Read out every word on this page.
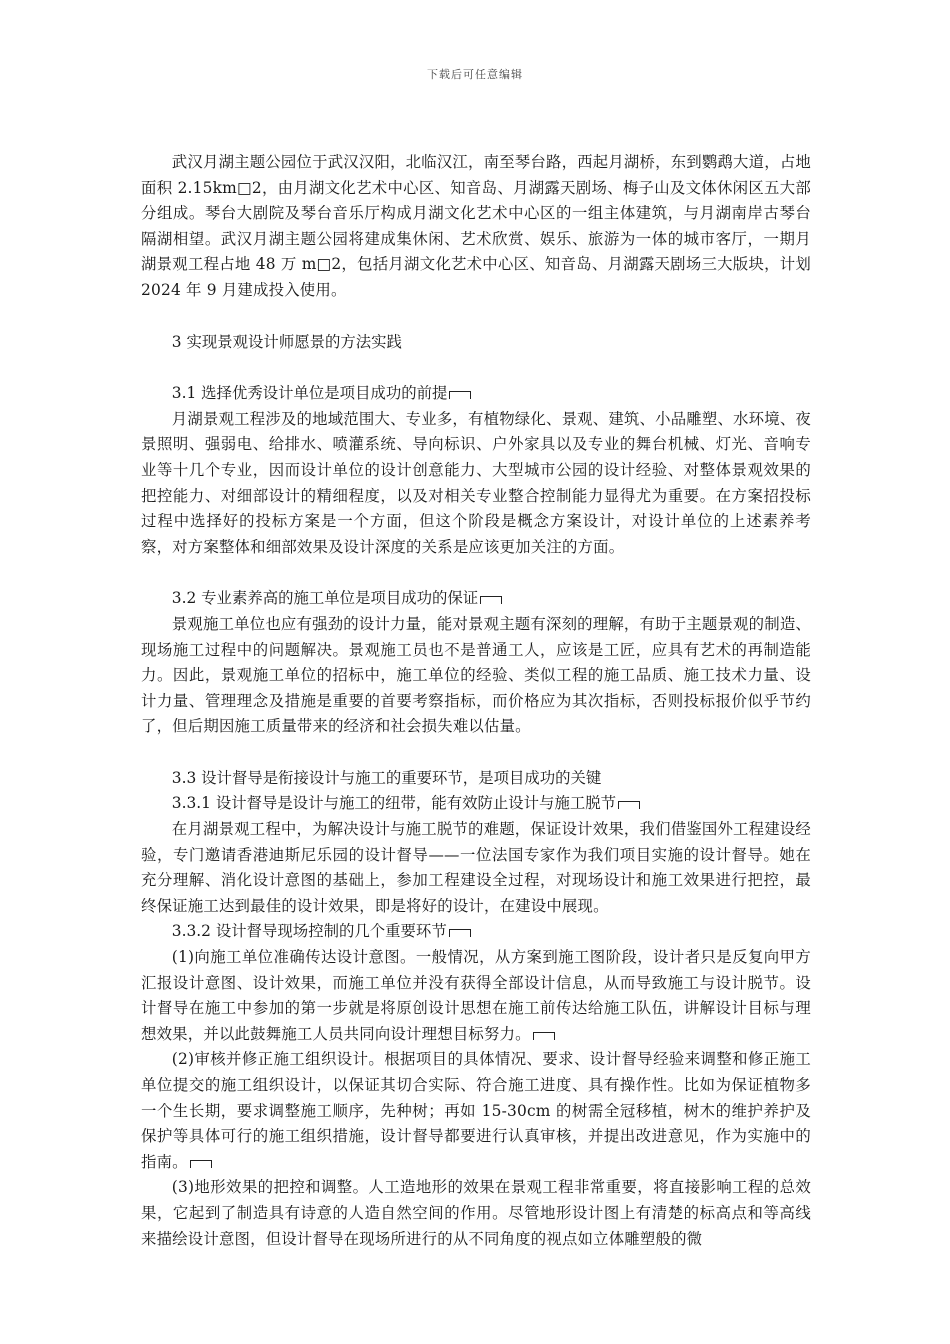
下载后可任意编辑

武汉月湖主题公园位于武汉汉阳，北临汉江，南至琴台路，西起月湖桥，东到鹦鹉大道，占地面积 2.15km□2，由月湖文化艺术中心区、知音岛、月湖露天剧场、梅子山及文体休闲区五大部分组成。琴台大剧院及琴台音乐厅构成月湖文化艺术中心区的一组主体建筑，与月湖南岸古琴台隔湖相望。武汉月湖主题公园将建成集休闲、艺术欣赏、娱乐、旅游为一体的城市客厅，一期月湖景观工程占地 48 万 m□2，包括月湖文化艺术中心区、知音岛、月湖露天剧场三大版块，计划 2024 年 9 月建成投入使用。

3 实现景观设计师愿景的方法实践

3.1 选择优秀设计单位是项目成功的前提

月湖景观工程涉及的地域范围大、专业多，有植物绿化、景观、建筑、小品雕塑、水环境、夜景照明、强弱电、给排水、喷灌系统、导向标识、户外家具以及专业的舞台机械、灯光、音响专业等十几个专业，因而设计单位的设计创意能力、大型城市公园的设计经验、对整体景观效果的把控能力、对细部设计的精细程度，以及对相关专业整合控制能力显得尤为重要。在方案招投标过程中选择好的投标方案是一个方面，但这个阶段是概念方案设计，对设计单位的上述素养考察，对方案整体和细部效果及设计深度的关系是应该更加关注的方面。

3.2 专业素养高的施工单位是项目成功的保证

景观施工单位也应有强劲的设计力量，能对景观主题有深刻的理解，有助于主题景观的制造、现场施工过程中的问题解决。景观施工员也不是普通工人，应该是工匠，应具有艺术的再制造能力。因此，景观施工单位的招标中，施工单位的经验、类似工程的施工品质、施工技术力量、设计力量、管理理念及措施是重要的首要考察指标，而价格应为其次指标，否则投标报价似乎节约了，但后期因施工质量带来的经济和社会损失难以估量。

3.3 设计督导是衔接设计与施工的重要环节，是项目成功的关键

3.3.1 设计督导是设计与施工的纽带，能有效防止设计与施工脱节

在月湖景观工程中，为解决设计与施工脱节的难题，保证设计效果，我们借鉴国外工程建设经验，专门邀请香港迪斯尼乐园的设计督导——一位法国专家作为我们项目实施的设计督导。她在充分理解、消化设计意图的基础上，参加工程建设全过程，对现场设计和施工效果进行把控，最终保证施工达到最佳的设计效果，即是将好的设计，在建设中展现。

3.3.2 设计督导现场控制的几个重要环节

(1)向施工单位准确传达设计意图。一般情况，从方案到施工图阶段，设计者只是反复向甲方汇报设计意图、设计效果，而施工单位并没有获得全部设计信息，从而导致施工与设计脱节。设计督导在施工中参加的第一步就是将原创设计思想在施工前传达给施工队伍，讲解设计目标与理想效果，并以此鼓舞施工人员共同向设计理想目标努力。

(2)审核并修正施工组织设计。根据项目的具体情况、要求、设计督导经验来调整和修正施工单位提交的施工组织设计，以保证其切合实际、符合施工进度、具有操作性。比如为保证植物多一个生长期，要求调整施工顺序，先种树；再如 15-30cm 的树需全冠移植，树木的维护养护及保护等具体可行的施工组织措施，设计督导都要进行认真审核，并提出改进意见，作为实施中的指南。

(3)地形效果的把控和调整。人工造地形的效果在景观工程非常重要，将直接影响工程的总效果，它起到了制造具有诗意的人造自然空间的作用。尽管地形设计图上有清楚的标高点和等高线来描绘设计意图，但设计督导在现场所进行的从不同角度的视点如立体雕塑般的微
